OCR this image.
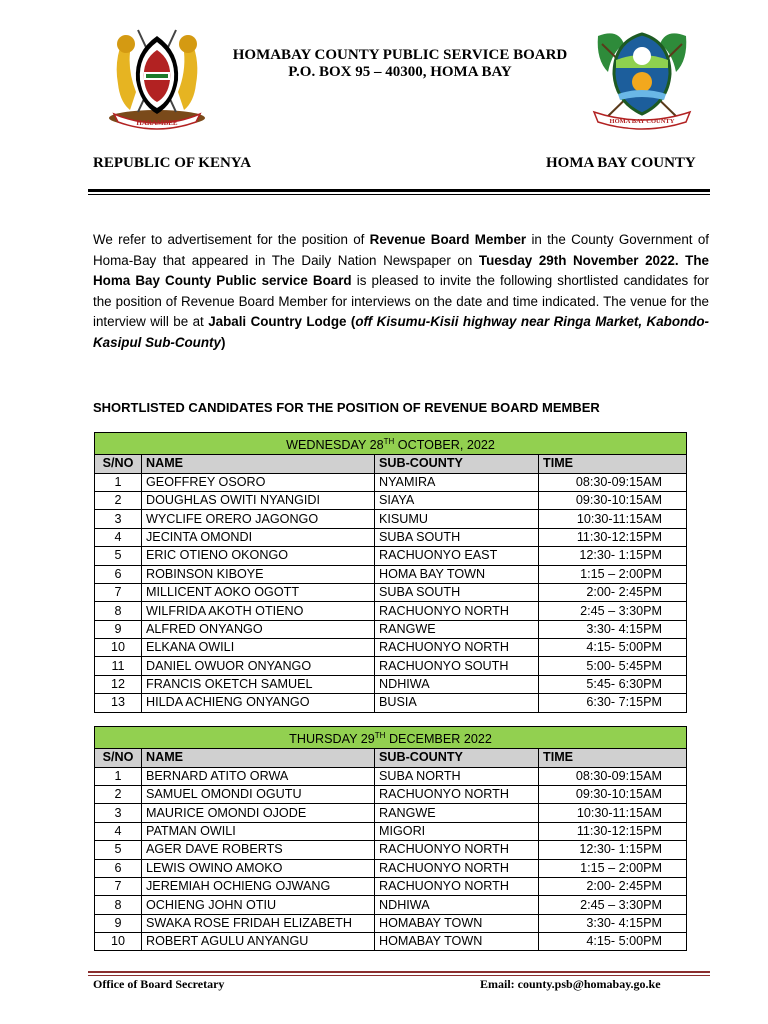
HARAMBEE	HOMA BAY COUNTY
HOMABAY COUNTY PUBLIC SERVICE BOARD
P.O. BOX 95 – 40300, HOMA BAY
REPUBLIC OF KENYA	HOMA BAY COUNTY
We refer to advertisement for the position of Revenue Board Member in the County Government of Homa-Bay that appeared in The Daily Nation Newspaper on Tuesday 29th November 2022. The Homa Bay County Public service Board is pleased to invite the following shortlisted candidates for the position of Revenue Board Member for interviews on the date and time indicated. The venue for the interview will be at Jabali Country Lodge (off Kisumu-Kisii highway near Ringa Market, Kabondo-Kasipul Sub-County)
SHORTLISTED CANDIDATES FOR THE POSITION OF REVENUE BOARD MEMBER
WEDNESDAY 28TH OCTOBER, 2022			
S/NO	NAME	SUB-COUNTY	TIME
1	GEOFFREY OSORO	NYAMIRA	08:30-09:15AM
2	DOUGHLAS OWITI NYANGIDI	SIAYA	09:30-10:15AM
3	WYCLIFE ORERO JAGONGO	KISUMU	10:30-11:15AM
4	JECINTA OMONDI	SUBA SOUTH	11:30-12:15PM
5	ERIC OTIENO OKONGO	RACHUONYO EAST	12:30- 1:15PM
6	ROBINSON KIBOYE	HOMA BAY TOWN	1:15 – 2:00PM
7	MILLICENT AOKO OGOTT	SUBA SOUTH	2:00- 2:45PM
8	WILFRIDA AKOTH OTIENO	RACHUONYO NORTH	2:45 – 3:30PM
9	ALFRED ONYANGO	RANGWE	3:30- 4:15PM
10	ELKANA OWILI	RACHUONYO NORTH	4:15- 5:00PM
11	DANIEL OWUOR ONYANGO	RACHUONYO SOUTH	5:00- 5:45PM
12	FRANCIS OKETCH SAMUEL	NDHIWA	5:45- 6:30PM
13	HILDA ACHIENG ONYANGO	BUSIA	6:30- 7:15PM
THURSDAY 29TH DECEMBER 2022			
S/NO	NAME	SUB-COUNTY	TIME
1	BERNARD ATITO ORWA	SUBA NORTH	08:30-09:15AM
2	SAMUEL OMONDI OGUTU	RACHUONYO NORTH	09:30-10:15AM
3	MAURICE OMONDI OJODE	RANGWE	10:30-11:15AM
4	PATMAN OWILI	MIGORI	11:30-12:15PM
5	AGER DAVE ROBERTS	RACHUONYO NORTH	12:30- 1:15PM
6	LEWIS OWINO AMOKO	RACHUONYO NORTH	1:15 – 2:00PM
7	JEREMIAH OCHIENG OJWANG	RACHUONYO NORTH	2:00- 2:45PM
8	OCHIENG JOHN OTIU	NDHIWA	2:45 – 3:30PM
9	SWAKA ROSE FRIDAH ELIZABETH	HOMABAY TOWN	3:30- 4:15PM
10	ROBERT AGULU ANYANGU	HOMABAY TOWN	4:15- 5:00PM
Office of Board Secretary	Email: county.psb@homabay.go.ke
